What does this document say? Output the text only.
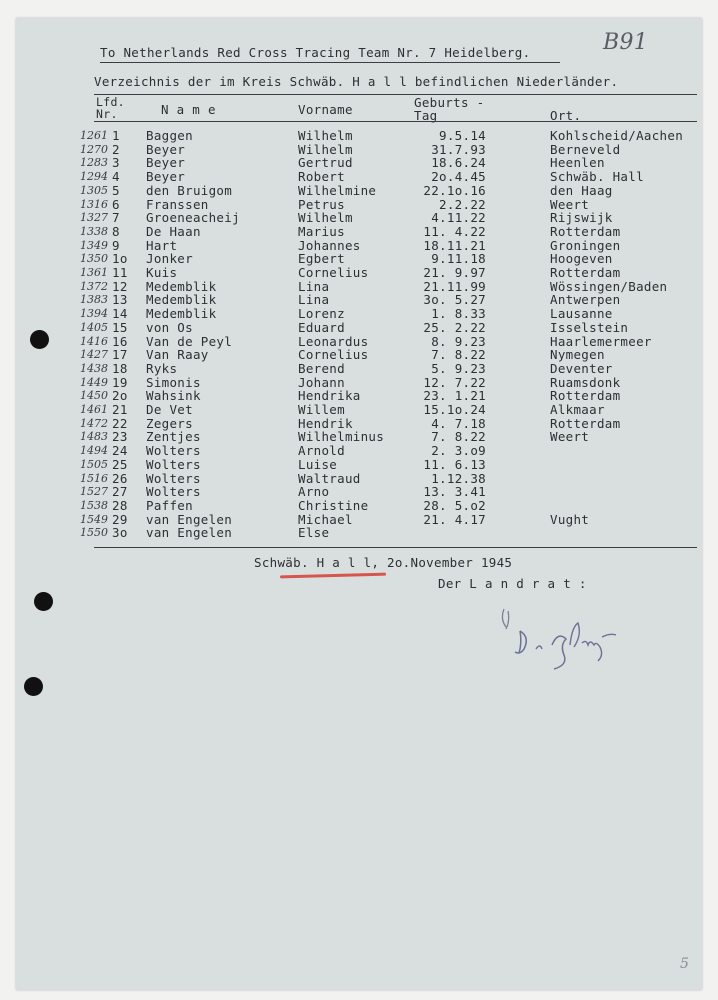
B91
To Netherlands Red Cross Tracing Team Nr. 7 Heidelberg.
Verzeichnis der im Kreis Schwäb. H a l l befindlichen Niederländer.
Lfd.
Nr.	N a m e	Vorname	Geburts -
Tag	Ort.
1261 1 Baggen	Wilhelm	9.5.14	Kohlscheid/Aachen
1270 2 Beyer	Wilhelm	31.7.93	Berneveld
1283 3 Beyer	Gertrud	18.6.24	Heenlen
1294 4 Beyer	Robert	2o.4.45	Schwäb. Hall
1305 5 den Bruigom	Wilhelmine	22.1o.16	den Haag
1316 6 Franssen	Petrus	2.2.22	Weert
1327 7 Groeneacheij	Wilhelm	4.11.22	Rijswijk
1338 8 De Haan	Marius	11. 4.22	Rotterdam
1349 9 Hart	Johannes	18.11.21	Groningen
1350 1o Jonker	Egbert	9.11.18	Hoogeven
1361 11 Kuis	Cornelius	21. 9.97	Rotterdam
1372 12 Medemblik	Lina	21.11.99	Wössingen/Baden
1383 13 Medemblik	Lina	3o. 5.27	Antwerpen
1394 14 Medemblik	Lorenz	1. 8.33	Lausanne
1405 15 von Os	Eduard	25. 2.22	Isselstein
1416 16 Van de Peyl	Leonardus	8. 9.23	Haarlemermeer
1427 17 Van Raay	Cornelius	7. 8.22	Nymegen
1438 18 Ryks	Berend	5. 9.23	Deventer
1449 19 Simonis	Johann	12. 7.22	Ruamsdonk
1450 2o Wahsink	Hendrika	23. 1.21	Rotterdam
1461 21 De Vet	Willem	15.1o.24	Alkmaar
1472 22 Zegers	Hendrik	4. 7.18	Rotterdam
1483 23 Zentjes	Wilhelminus	7. 8.22	Weert
1494 24 Wolters	Arnold	2. 3.o9
1505 25 Wolters	Luise	11. 6.13
1516 26 Wolters	Waltraud	1.12.38
1527 27 Wolters	Arno	13. 3.41
1538 28 Paffen	Christine	28. 5.o2
1549 29 van Engelen	Michael	21. 4.17	Vught
1550 3o van Engelen	Else
Schwäb. H a l l, 2o.November 1945
Der L a n d r a t :
gez. Dr. Schlinger
5
